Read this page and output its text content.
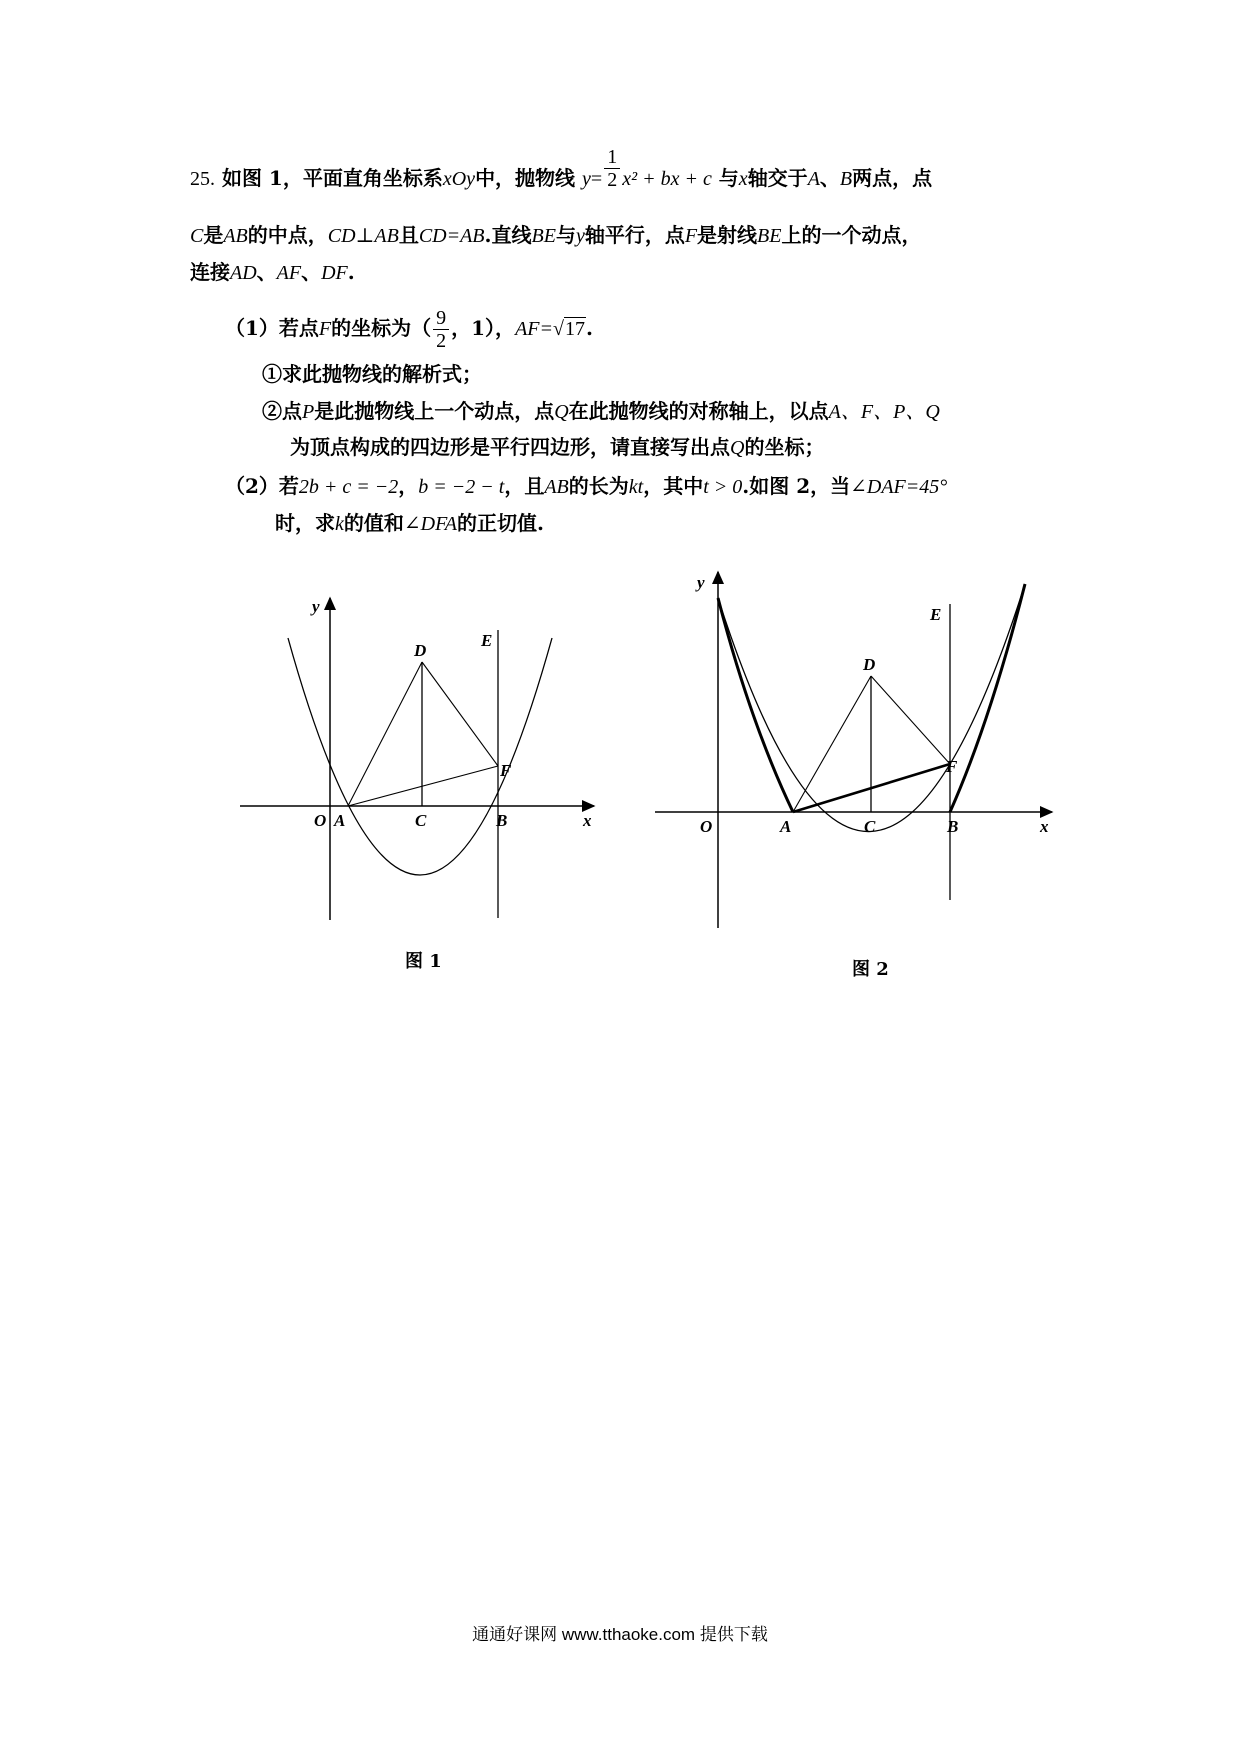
25. 如图 1，平面直角坐标系xOy中，抛物线 $y= \frac{1}{2} x^2$ + bx + c 与x轴交于A、B两点，点
C是AB的中点，CD⊥AB且CD=AB.直线BE与y轴平行，点F是射线BE上的一个动点，
连接AD、AF、DF.
（1）若点F的坐标为（ $\frac{9}{2}$ ，1），AF=√17.
①求此抛物线的解析式；
②点P是此抛物线上一个动点，点Q在此抛物线的对称轴上，以点A、F、P、Q
为顶点构成的四边形是平行四边形，请直接写出点Q的坐标；
（2）若2b + c = −2，b = −2 − t，且AB的长为kt，其中t > 0.如图 2，当∠DAF=45°
时，求k的值和∠DFA的正切值.
y
x
O A	C	B
D
E
F
图 1
y
x
O	A	C	B
D
E
F
图 2
通通好课网 www.tthaoke.com 提供下载
